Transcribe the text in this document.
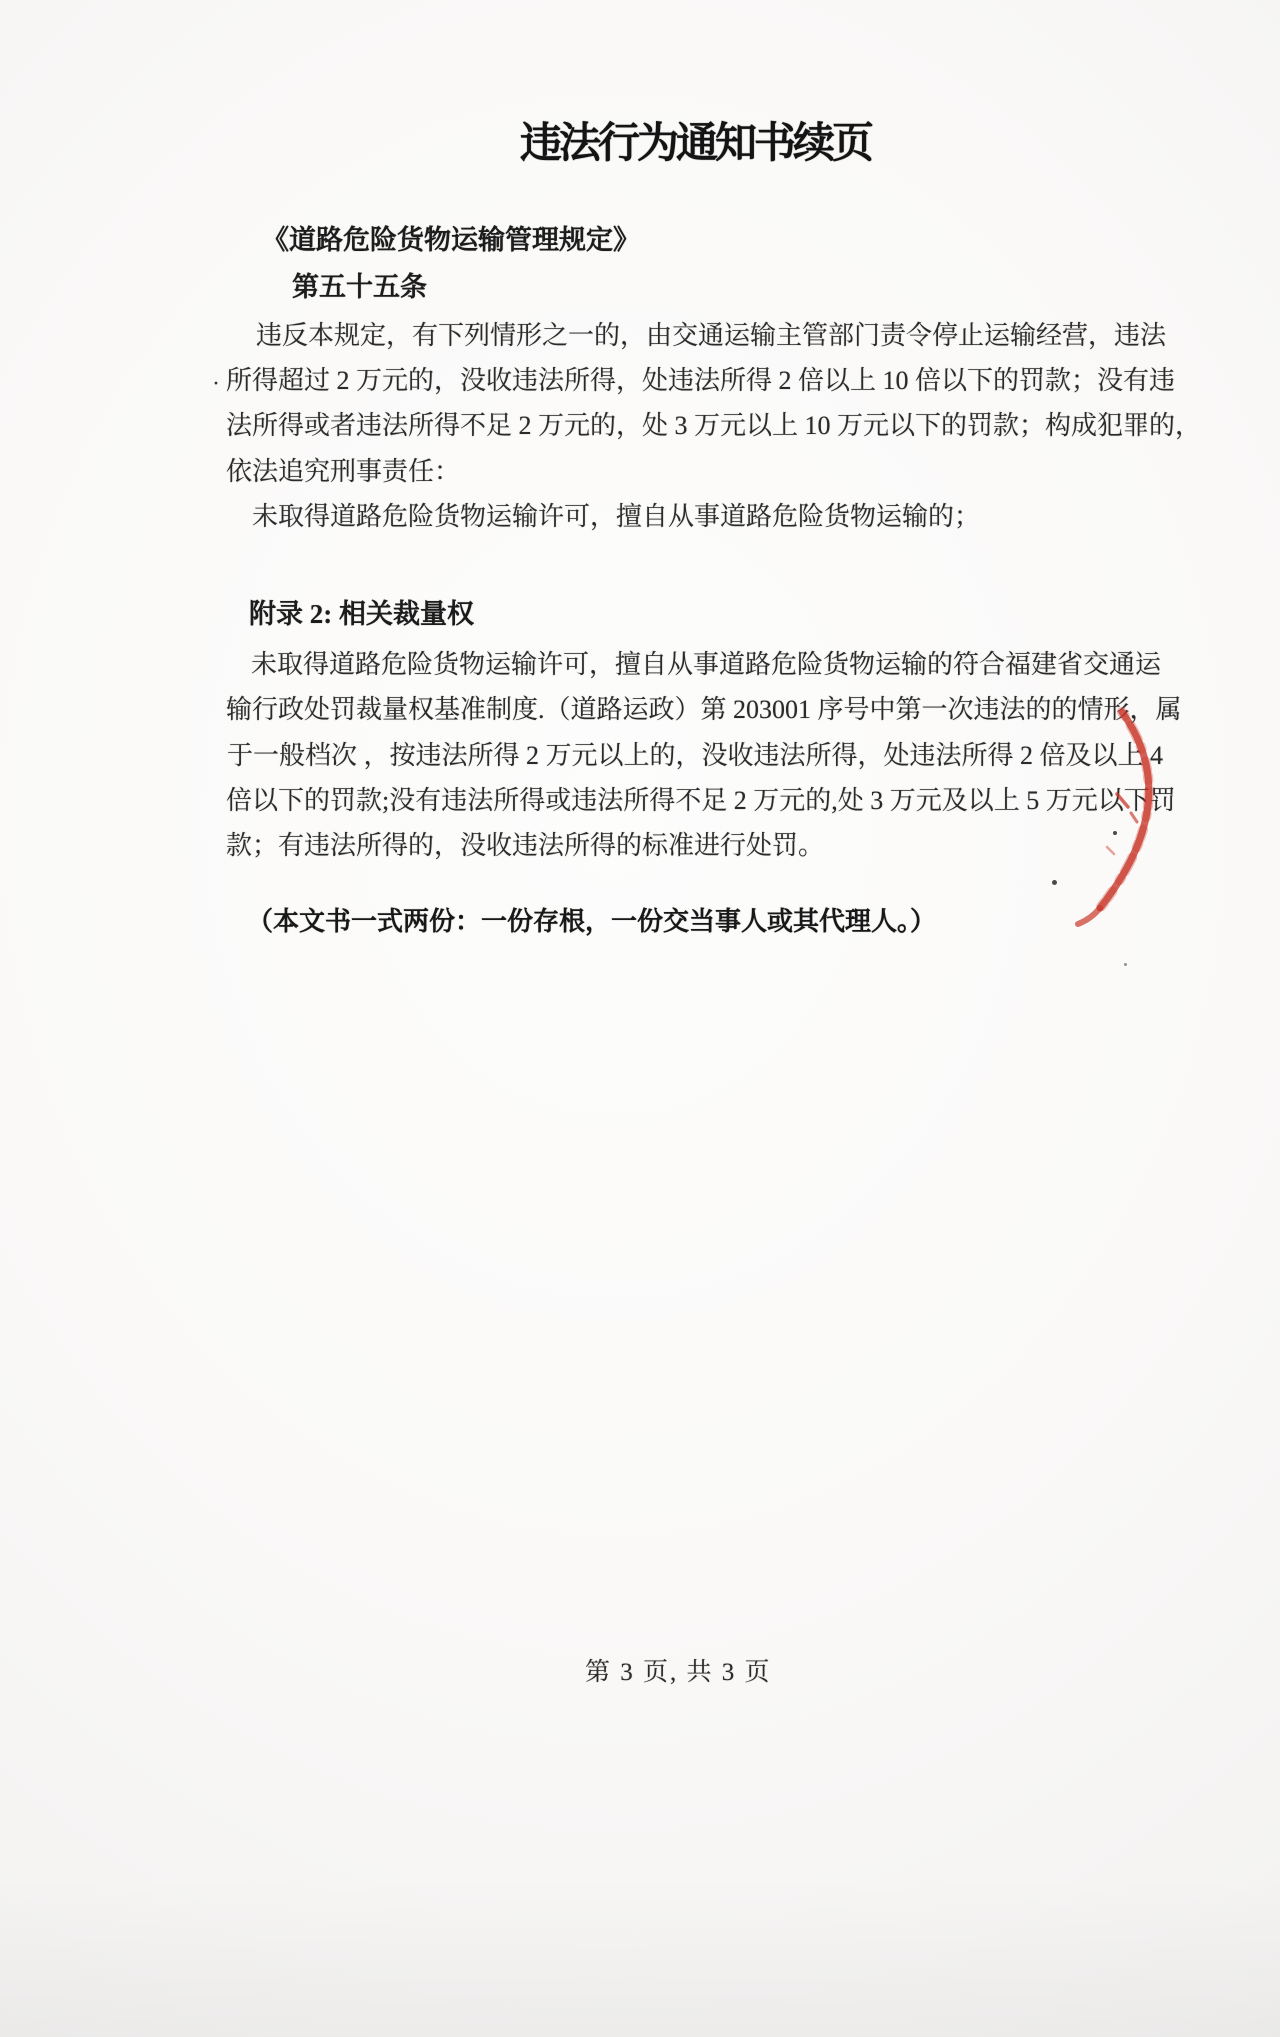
违法行为通知书续页
《道路危险货物运输管理规定》
第五十五条
违反本规定，有下列情形之一的，由交通运输主管部门责令停止运输经营，违法
· 所得超过 2 万元的，没收违法所得，处违法所得 2 倍以上 10 倍以下的罚款；没有违
法所得或者违法所得不足 2 万元的，处 3 万元以上 10 万元以下的罚款；构成犯罪的，
依法追究刑事责任：
未取得道路危险货物运输许可，擅自从事道路危险货物运输的；
附录 2: 相关裁量权
未取得道路危险货物运输许可，擅自从事道路危险货物运输的符合福建省交通运
输行政处罚裁量权基准制度.（道路运政）第 203001 序号中第一次违法的的情形，属
于一般档次 ，按违法所得 2 万元以上的，没收违法所得，处违法所得 2 倍及以上 4
倍以下的罚款;没有违法所得或违法所得不足 2 万元的,处 3 万元及以上 5 万元以下罚
款；有违法所得的，没收违法所得的标准进行处罚。
（本文书一式两份：一份存根，一份交当事人或其代理人。）
第 3 页, 共 3 页
